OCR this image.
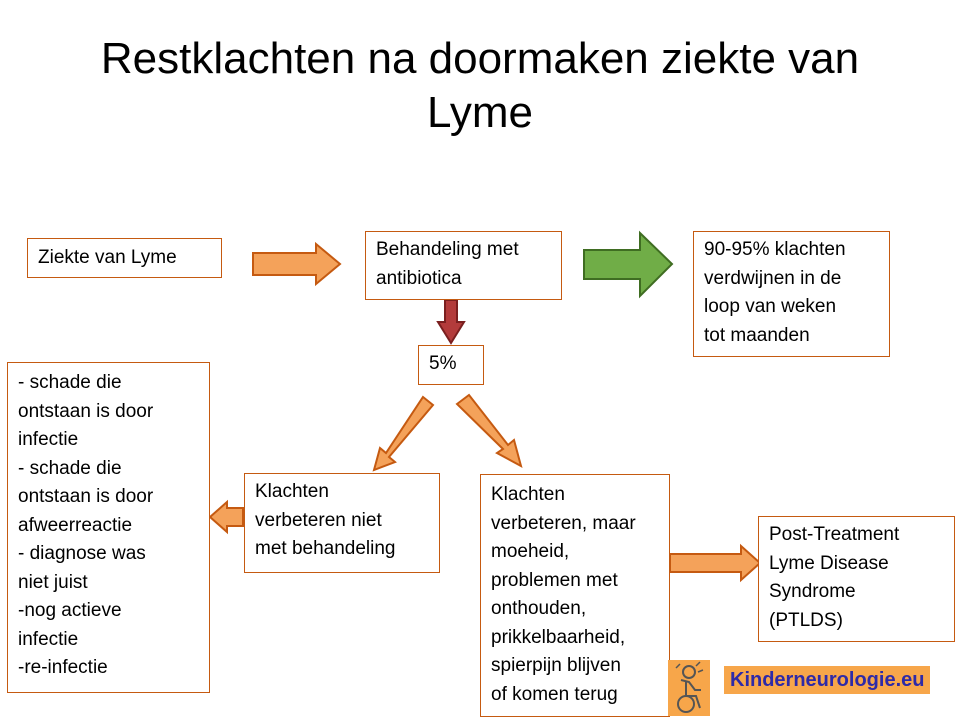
Restklachten na doormaken ziekte van
Lyme
Ziekte van Lyme	Behandeling met
antibiotica
90-95% klachten
verdwijnen in de
loop van weken
tot maanden
5%
- schade die
ontstaan is door
infectie
- schade die
ontstaan is door
afweerreactie
- diagnose was
niet juist
-nog actieve
infectie
-re-infectie
Klachten
verbeteren niet
met behandeling
Klachten
verbeteren, maar
moeheid,
problemen met
onthouden,
prikkelbaarheid,
spierpijn blijven
of komen terug
Post-Treatment
Lyme Disease
Syndrome
(PTLDS)
Kinderneurologie.eu
